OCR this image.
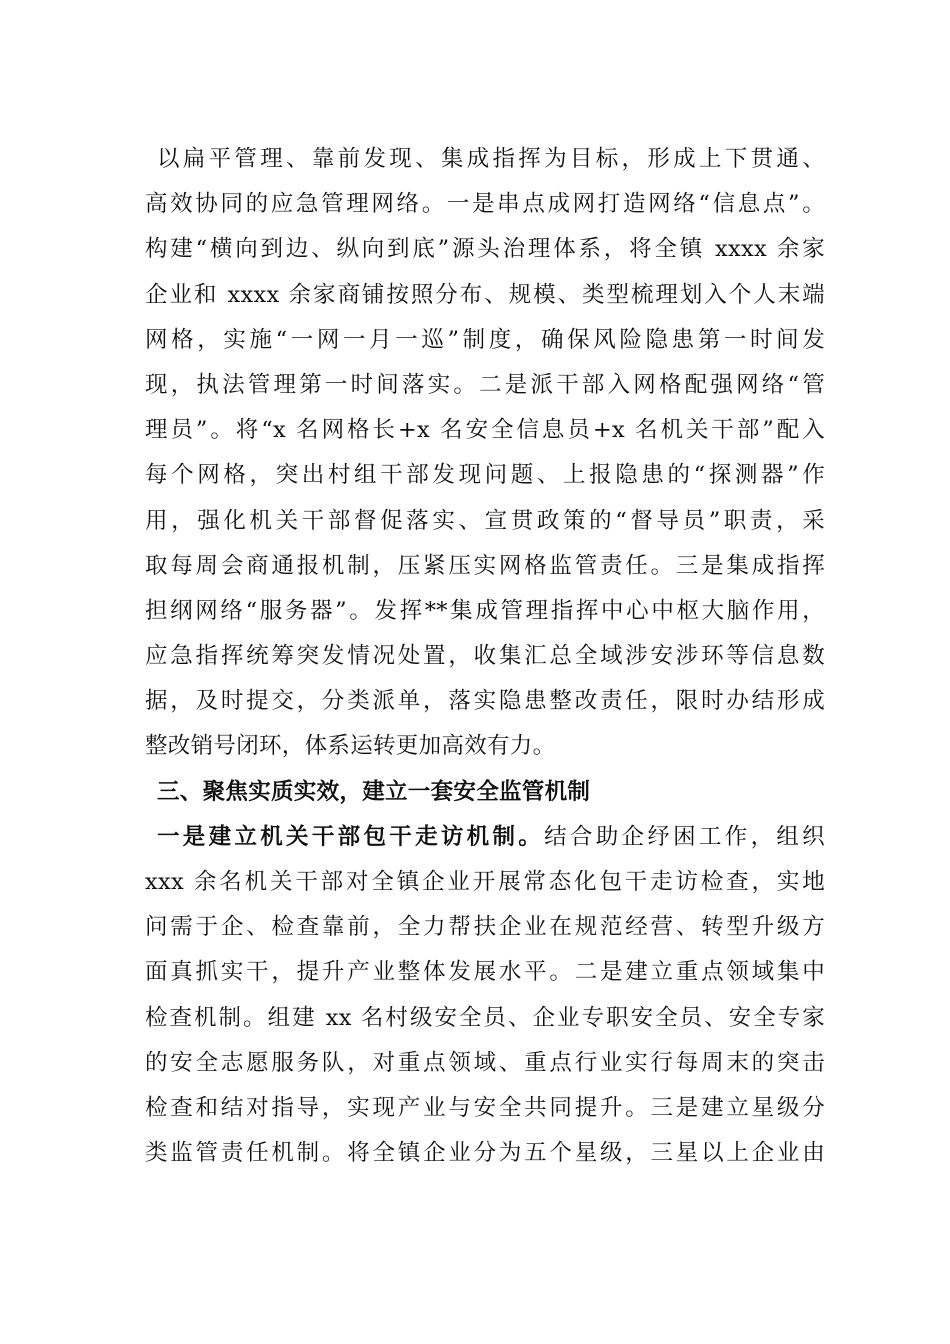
以扁平管理、靠前发现、集成指挥为目标，形成上下贯通、
高效协同的应急管理网络。一是串点成网打造网络“信息点”。
构建“横向到边、纵向到底”源头治理体系，将全镇 xxxx 余家
企业和 xxxx 余家商铺按照分布、规模、类型梳理划入个人末端
网格，实施“一网一月一巡”制度，确保风险隐患第一时间发
现，执法管理第一时间落实。二是派干部入网格配强网络“管
理员”。将“x 名网格长+x 名安全信息员+x 名机关干部”配入
每个网格，突出村组干部发现问题、上报隐患的“探测器”作
用，强化机关干部督促落实、宣贯政策的“督导员”职责，采
取每周会商通报机制，压紧压实网格监管责任。三是集成指挥
担纲网络“服务器”。发挥**集成管理指挥中心中枢大脑作用，
应急指挥统筹突发情况处置，收集汇总全域涉安涉环等信息数
据，及时提交，分类派单，落实隐患整改责任，限时办结形成
整改销号闭环，体系运转更加高效有力。
三、聚焦实质实效，建立一套安全监管机制
一是建立机关干部包干走访机制。结合助企纾困工作，组织
xxx 余名机关干部对全镇企业开展常态化包干走访检查，实地
问需于企、检查靠前，全力帮扶企业在规范经营、转型升级方
面真抓实干，提升产业整体发展水平。二是建立重点领域集中
检查机制。组建 xx 名村级安全员、企业专职安全员、安全专家
的安全志愿服务队，对重点领域、重点行业实行每周末的突击
检查和结对指导，实现产业与安全共同提升。三是建立星级分
类监管责任机制。将全镇企业分为五个星级，三星以上企业由
